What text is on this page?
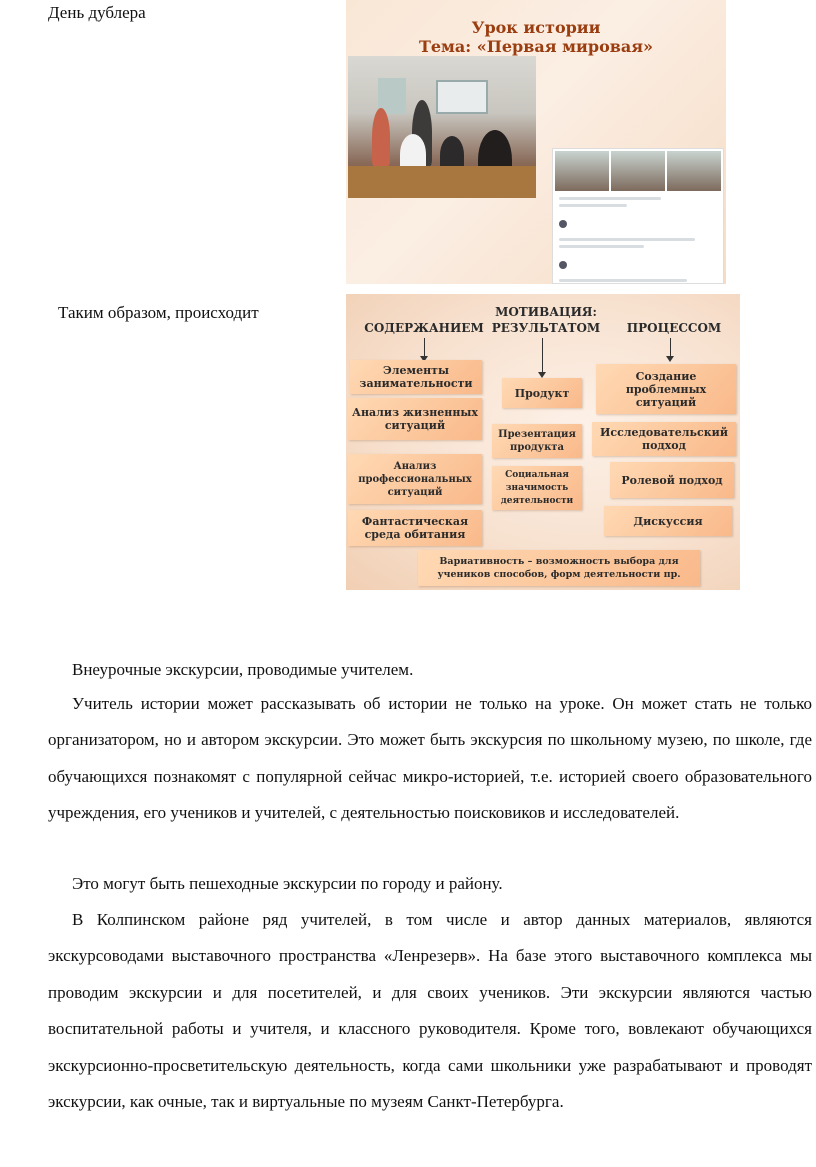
День дублера
Урок истории
Тема: «Первая мировая»
Таким образом, происходит	МОТИВАЦИЯ:
СОДЕРЖАНИЕМ РЕЗУЛЬТАТОМ	ПРОЦЕССОМ
Элементы занимательности
Анализ жизненных ситуаций
Анализ профессиональных ситуаций
Фантастическая среда обитания
Продукт
Презентация продукта
Социальная значимость деятельности
Создание проблемных ситуаций
Исследовательский подход
Ролевой подход
Дискуссия
Вариативность – возможность выбора для учеников способов, форм деятельности пр.

Внеурочные экскурсии, проводимые учителем.

Учитель истории может рассказывать об истории не только на уроке. Он может стать не только организатором, но и автором экскурсии. Это может быть экскурсия по школьному музею, по школе, где обучающихся познакомят с популярной сейчас микро-историей, т.е. историей своего образовательного учреждения, его учеников и учителей, с деятельностью поисковиков и исследователей.

Это могут быть пешеходные экскурсии по городу и району.

В Колпинском районе ряд учителей, в том числе и автор данных материалов, являются экскурсоводами выставочного пространства «Ленрезерв». На базе этого выставочного комплекса мы проводим экскурсии и для посетителей, и для своих учеников. Эти экскурсии являются частью воспитательной работы и учителя, и классного руководителя. Кроме того, вовлекают обучающихся экскурсионно-просветительскую деятельность, когда сами школьники уже разрабатывают и проводят экскурсии, как очные, так и виртуальные по музеям Санкт-Петербурга.
